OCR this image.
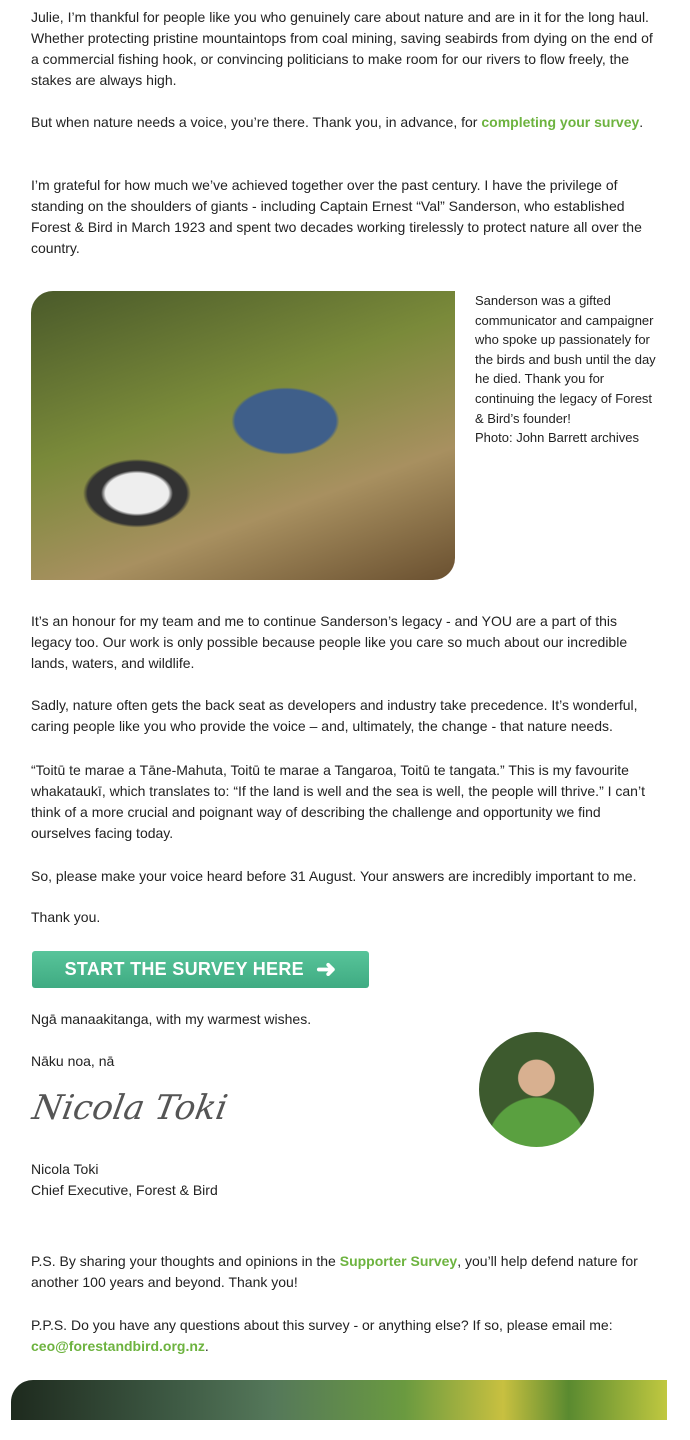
Julie, I’m thankful for people like you who genuinely care about nature and are in it for the long haul. Whether protecting pristine mountaintops from coal mining, saving seabirds from dying on the end of a commercial fishing hook, or convincing politicians to make room for our rivers to flow freely, the stakes are always high.

But when nature needs a voice, you’re there. Thank you, in advance, for completing your survey.

I’m grateful for how much we’ve achieved together over the past century. I have the privilege of standing on the shoulders of giants - including Captain Ernest “Val” Sanderson, who established Forest & Bird in March 1923 and spent two decades working tirelessly to protect nature all over the country.

Sanderson was a gifted communicator and campaigner who spoke up passionately for the birds and bush until the day he died. Thank you for continuing the legacy of Forest & Bird’s founder!
Photo: John Barrett archives

It’s an honour for my team and me to continue Sanderson’s legacy - and YOU are a part of this legacy too. Our work is only possible because people like you care so much about our incredible lands, waters, and wildlife.

Sadly, nature often gets the back seat as developers and industry take precedence. It’s wonderful, caring people like you who provide the voice – and, ultimately, the change - that nature needs.

“Toitū te marae a Tāne-Mahuta, Toitū te marae a Tangaroa, Toitū te tangata.” This is my favourite whakataukī, which translates to: “If the land is well and the sea is well, the people will thrive.” I can’t think of a more crucial and poignant way of describing the challenge and opportunity we find ourselves facing today.

So, please make your voice heard before 31 August. Your answers are incredibly important to me.

Thank you.

START THE SURVEY HERE ➜

Ngā manaakitanga, with my warmest wishes.

Nāku noa, nā

Nicola Toki

Nicola Toki
Chief Executive, Forest & Bird

P.S. By sharing your thoughts and opinions in the Supporter Survey, you’ll help defend nature for another 100 years and beyond. Thank you!

P.P.S. Do you have any questions about this survey - or anything else? If so, please email me: ceo@forestandbird.org.nz.
